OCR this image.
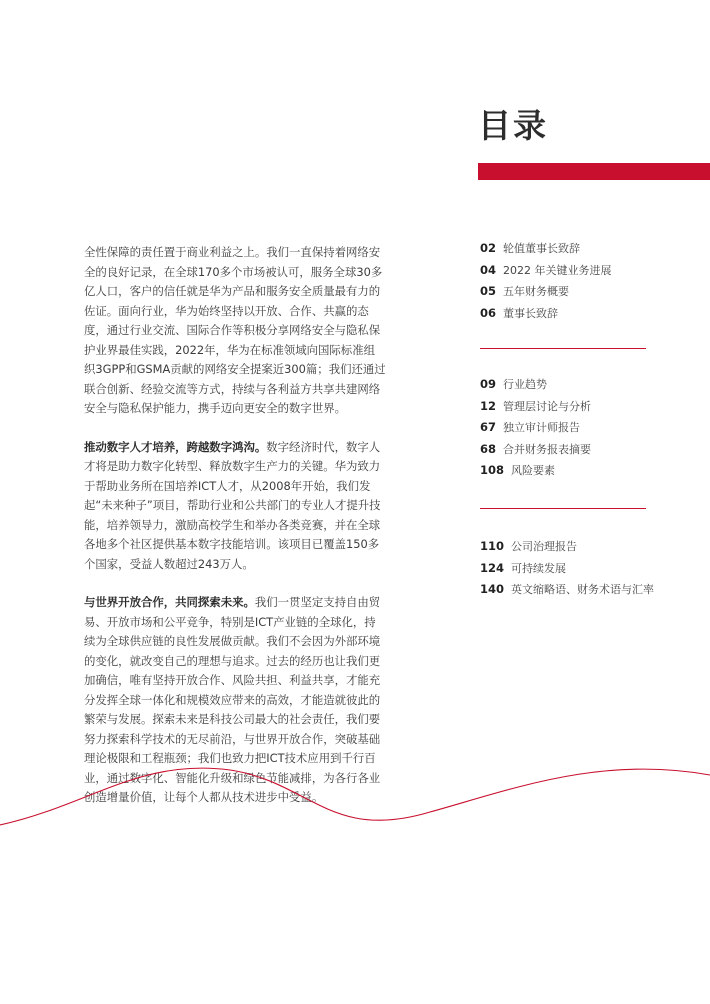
目录

全性保障的责任置于商业利益之上。我们一直保持着网络安全的良好记录，在全球170多个市场被认可，服务全球30多亿人口，客户的信任就是华为产品和服务安全质量最有力的佐证。面向行业，华为始终坚持以开放、合作、共赢的态度，通过行业交流、国际合作等积极分享网络安全与隐私保护业界最佳实践，2022年，华为在标准领域向国际标准组织3GPP和GSMA贡献的网络安全提案近300篇；我们还通过联合创新、经验交流等方式，持续与各利益方共享共建网络安全与隐私保护能力，携手迈向更安全的数字世界。

推动数字人才培养，跨越数字鸿沟。数字经济时代，数字人才将是助力数字化转型、释放数字生产力的关键。华为致力于帮助业务所在国培养ICT人才，从2008年开始，我们发起“未来种子”项目，帮助行业和公共部门的专业人才提升技能，培养领导力，激励高校学生和举办各类竞赛，并在全球各地多个社区提供基本数字技能培训。该项目已覆盖150多个国家，受益人数超过243万人。

与世界开放合作，共同探索未来。我们一贯坚定支持自由贸易、开放市场和公平竞争，特别是ICT产业链的全球化，持续为全球供应链的良性发展做贡献。我们不会因为外部环境的变化，就改变自己的理想与追求。过去的经历也让我们更加确信，唯有坚持开放合作、风险共担、利益共享，才能充分发挥全球一体化和规模效应带来的高效，才能造就彼此的繁荣与发展。探索未来是科技公司最大的社会责任，我们要努力探索科学技术的无尽前沿，与世界开放合作，突破基础理论极限和工程瓶颈；我们也致力把ICT技术应用到千行百业，通过数字化、智能化升级和绿色节能减排，为各行各业创造增量价值，让每个人都从技术进步中受益。

02 轮值董事长致辞
04 2022 年关键业务进展
05 五年财务概要
06 董事长致辞
09 行业趋势
12 管理层讨论与分析
67 独立审计师报告
68 合并财务报表摘要
108 风险要素
110 公司治理报告
124 可持续发展
140 英文缩略语、财务术语与汇率
